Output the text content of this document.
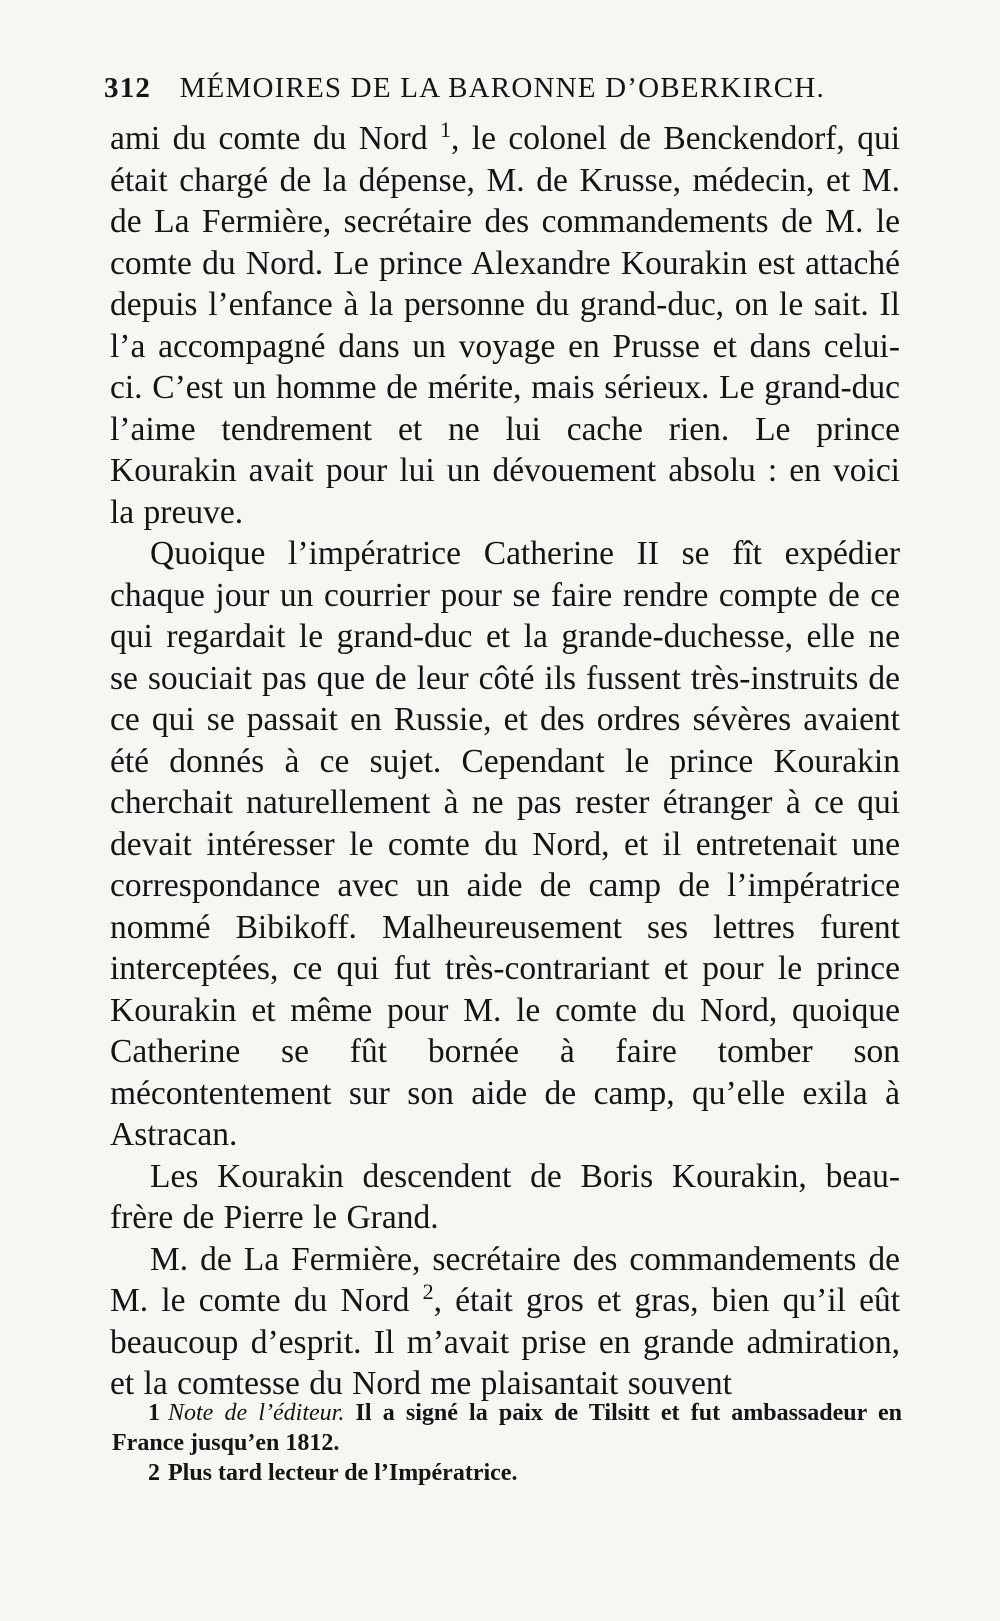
312 MÉMOIRES DE LA BARONNE D’OBERKIRCH.

ami du comte du Nord $^1$, le colonel de Benckendorf, qui était chargé de la dépense, M. de Krusse, médecin, et M. de La Fermière, secrétaire des commandements de M. le comte du Nord. Le prince Alexandre Kourakin est attaché depuis l’enfance à la personne du grand-duc, on le sait. Il l’a accompagné dans un voyage en Prusse et dans celui-ci. C’est un homme de mérite, mais sérieux. Le grand-duc l’aime tendrement et ne lui cache rien. Le prince Kourakin avait pour lui un dévouement absolu : en voici la preuve.

Quoique l’impératrice Catherine II se fît expédier chaque jour un courrier pour se faire rendre compte de ce qui regardait le grand-duc et la grande-duchesse, elle ne se souciait pas que de leur côté ils fussent très-instruits de ce qui se passait en Russie, et des ordres sévères avaient été donnés à ce sujet. Cependant le prince Kourakin cherchait naturellement à ne pas rester étranger à ce qui devait intéresser le comte du Nord, et il entretenait une correspondance avec un aide de camp de l’impératrice nommé Bibikoff. Malheureusement ses lettres furent interceptées, ce qui fut très-contrariant et pour le prince Kourakin et même pour M. le comte du Nord, quoique Catherine se fût bornée à faire tomber son mécontentement sur son aide de camp, qu’elle exila à Astracan.

Les Kourakin descendent de Boris Kourakin, beau-frère de Pierre le Grand.

M. de La Fermière, secrétaire des commandements de M. le comte du Nord $^2$, était gros et gras, bien qu’il eût beaucoup d’esprit. Il m’avait prise en grande admiration, et la comtesse du Nord me plaisantait souvent

1 Note de l’éditeur. Il a signé la paix de Tilsitt et fut ambassadeur en France jusqu’en 1812.

2 Plus tard lecteur de l’Impératrice.
